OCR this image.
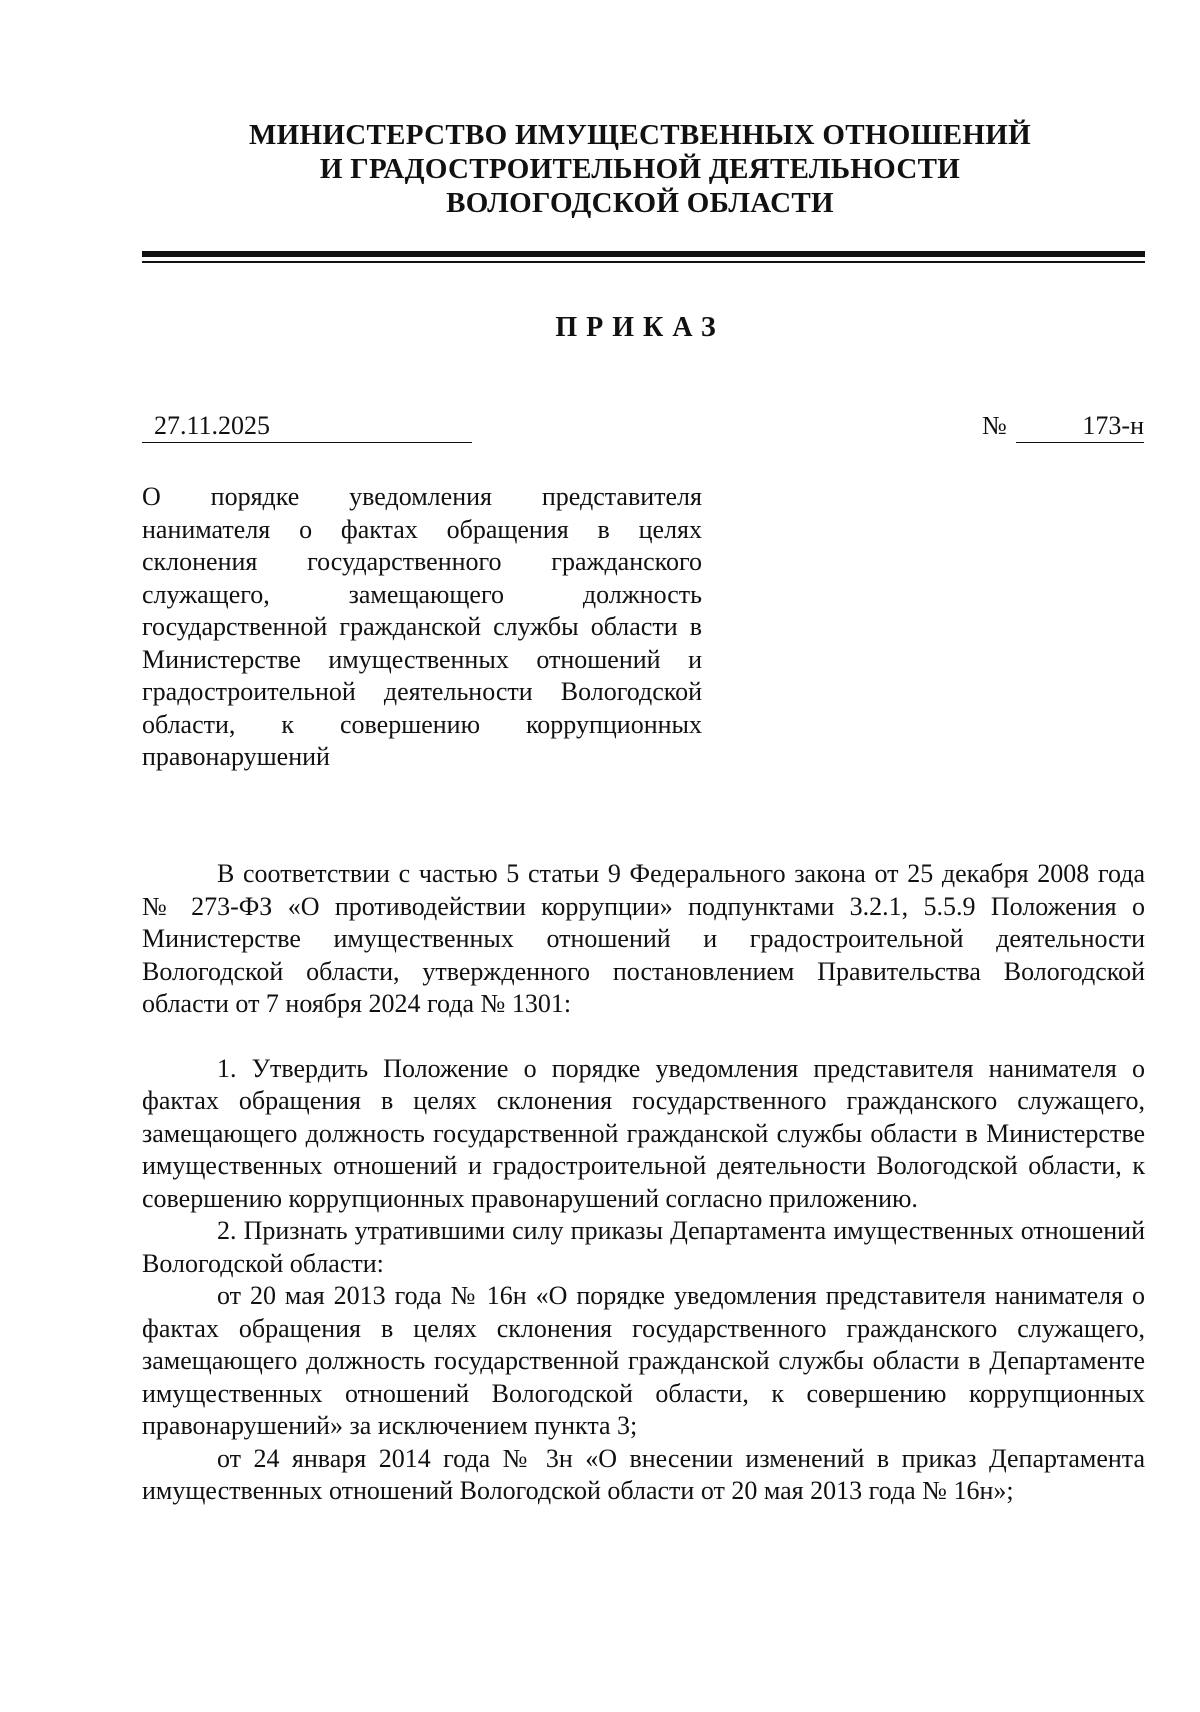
МИНИСТЕРСТВО ИМУЩЕСТВЕННЫХ ОТНОШЕНИЙ
И ГРАДОСТРОИТЕЛЬНОЙ ДЕЯТЕЛЬНОСТИ
ВОЛОГОДСКОЙ ОБЛАСТИ
ПРИКАЗ
27.11.2025	№	173-н
О порядке уведомления представителя нанимателя о фактах обращения в целях склонения государственного гражданского служащего, замещающего должность государственной гражданской службы области в Министерстве имущественных отношений и градостроительной деятельности Вологодской области, к совершению коррупционных правонарушений

В соответствии с частью 5 статьи 9 Федерального закона от 25 декабря 2008 года № 273-ФЗ «О противодействии коррупции» подпунктами 3.2.1, 5.5.9 Положения о Министерстве имущественных отношений и градостроительной деятельности Вологодской области, утвержденного постановлением Правительства Вологодской области от 7 ноября 2024 года № 1301:

1. Утвердить Положение о порядке уведомления представителя нанимателя о фактах обращения в целях склонения государственного гражданского служащего, замещающего должность государственной гражданской службы области в Министерстве имущественных отношений и градостроительной деятельности Вологодской области, к совершению коррупционных правонарушений согласно приложению.

2. Признать утратившими силу приказы Департамента имущественных отношений Вологодской области:

от 20 мая 2013 года № 16н «О порядке уведомления представителя нанимателя о фактах обращения в целях склонения государственного гражданского служащего, замещающего должность государственной гражданской службы области в Департаменте имущественных отношений Вологодской области, к совершению коррупционных правонарушений» за исключением пункта 3;

от 24 января 2014 года № 3н «О внесении изменений в приказ Департамента имущественных отношений Вологодской области от 20 мая 2013 года № 16н»;
